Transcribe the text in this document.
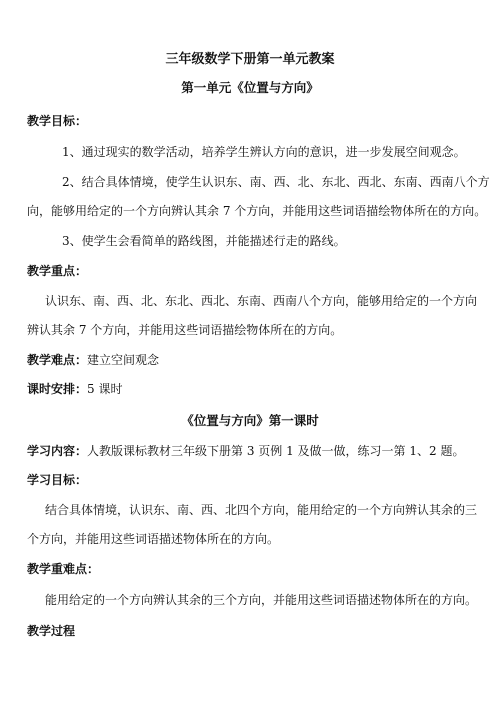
三年级数学下册第一单元教案
第一单元《位置与方向》
教学目标：
1、通过现实的数学活动，培养学生辨认方向的意识，进一步发展空间观念。
2、结合具体情境，使学生认识东、南、西、北、东北、西北、东南、西南八个方
向，能够用给定的一个方向辨认其余 7 个方向，并能用这些词语描绘物体所在的方向。
3、使学生会看简单的路线图，并能描述行走的路线。
教学重点：
认识东、南、西、北、东北、西北、东南、西南八个方向，能够用给定的一个方向
辨认其余 7 个方向，并能用这些词语描绘物体所在的方向。
教学难点：建立空间观念
课时安排：5 课时
《位置与方向》第一课时
学习内容：人教版课标教材三年级下册第 3 页例 1 及做一做，练习一第 1、2 题。
学习目标：
结合具体情境，认识东、南、西、北四个方向，能用给定的一个方向辨认其余的三
个方向，并能用这些词语描述物体所在的方向。
教学重难点：
能用给定的一个方向辨认其余的三个方向，并能用这些词语描述物体所在的方向。
教学过程
